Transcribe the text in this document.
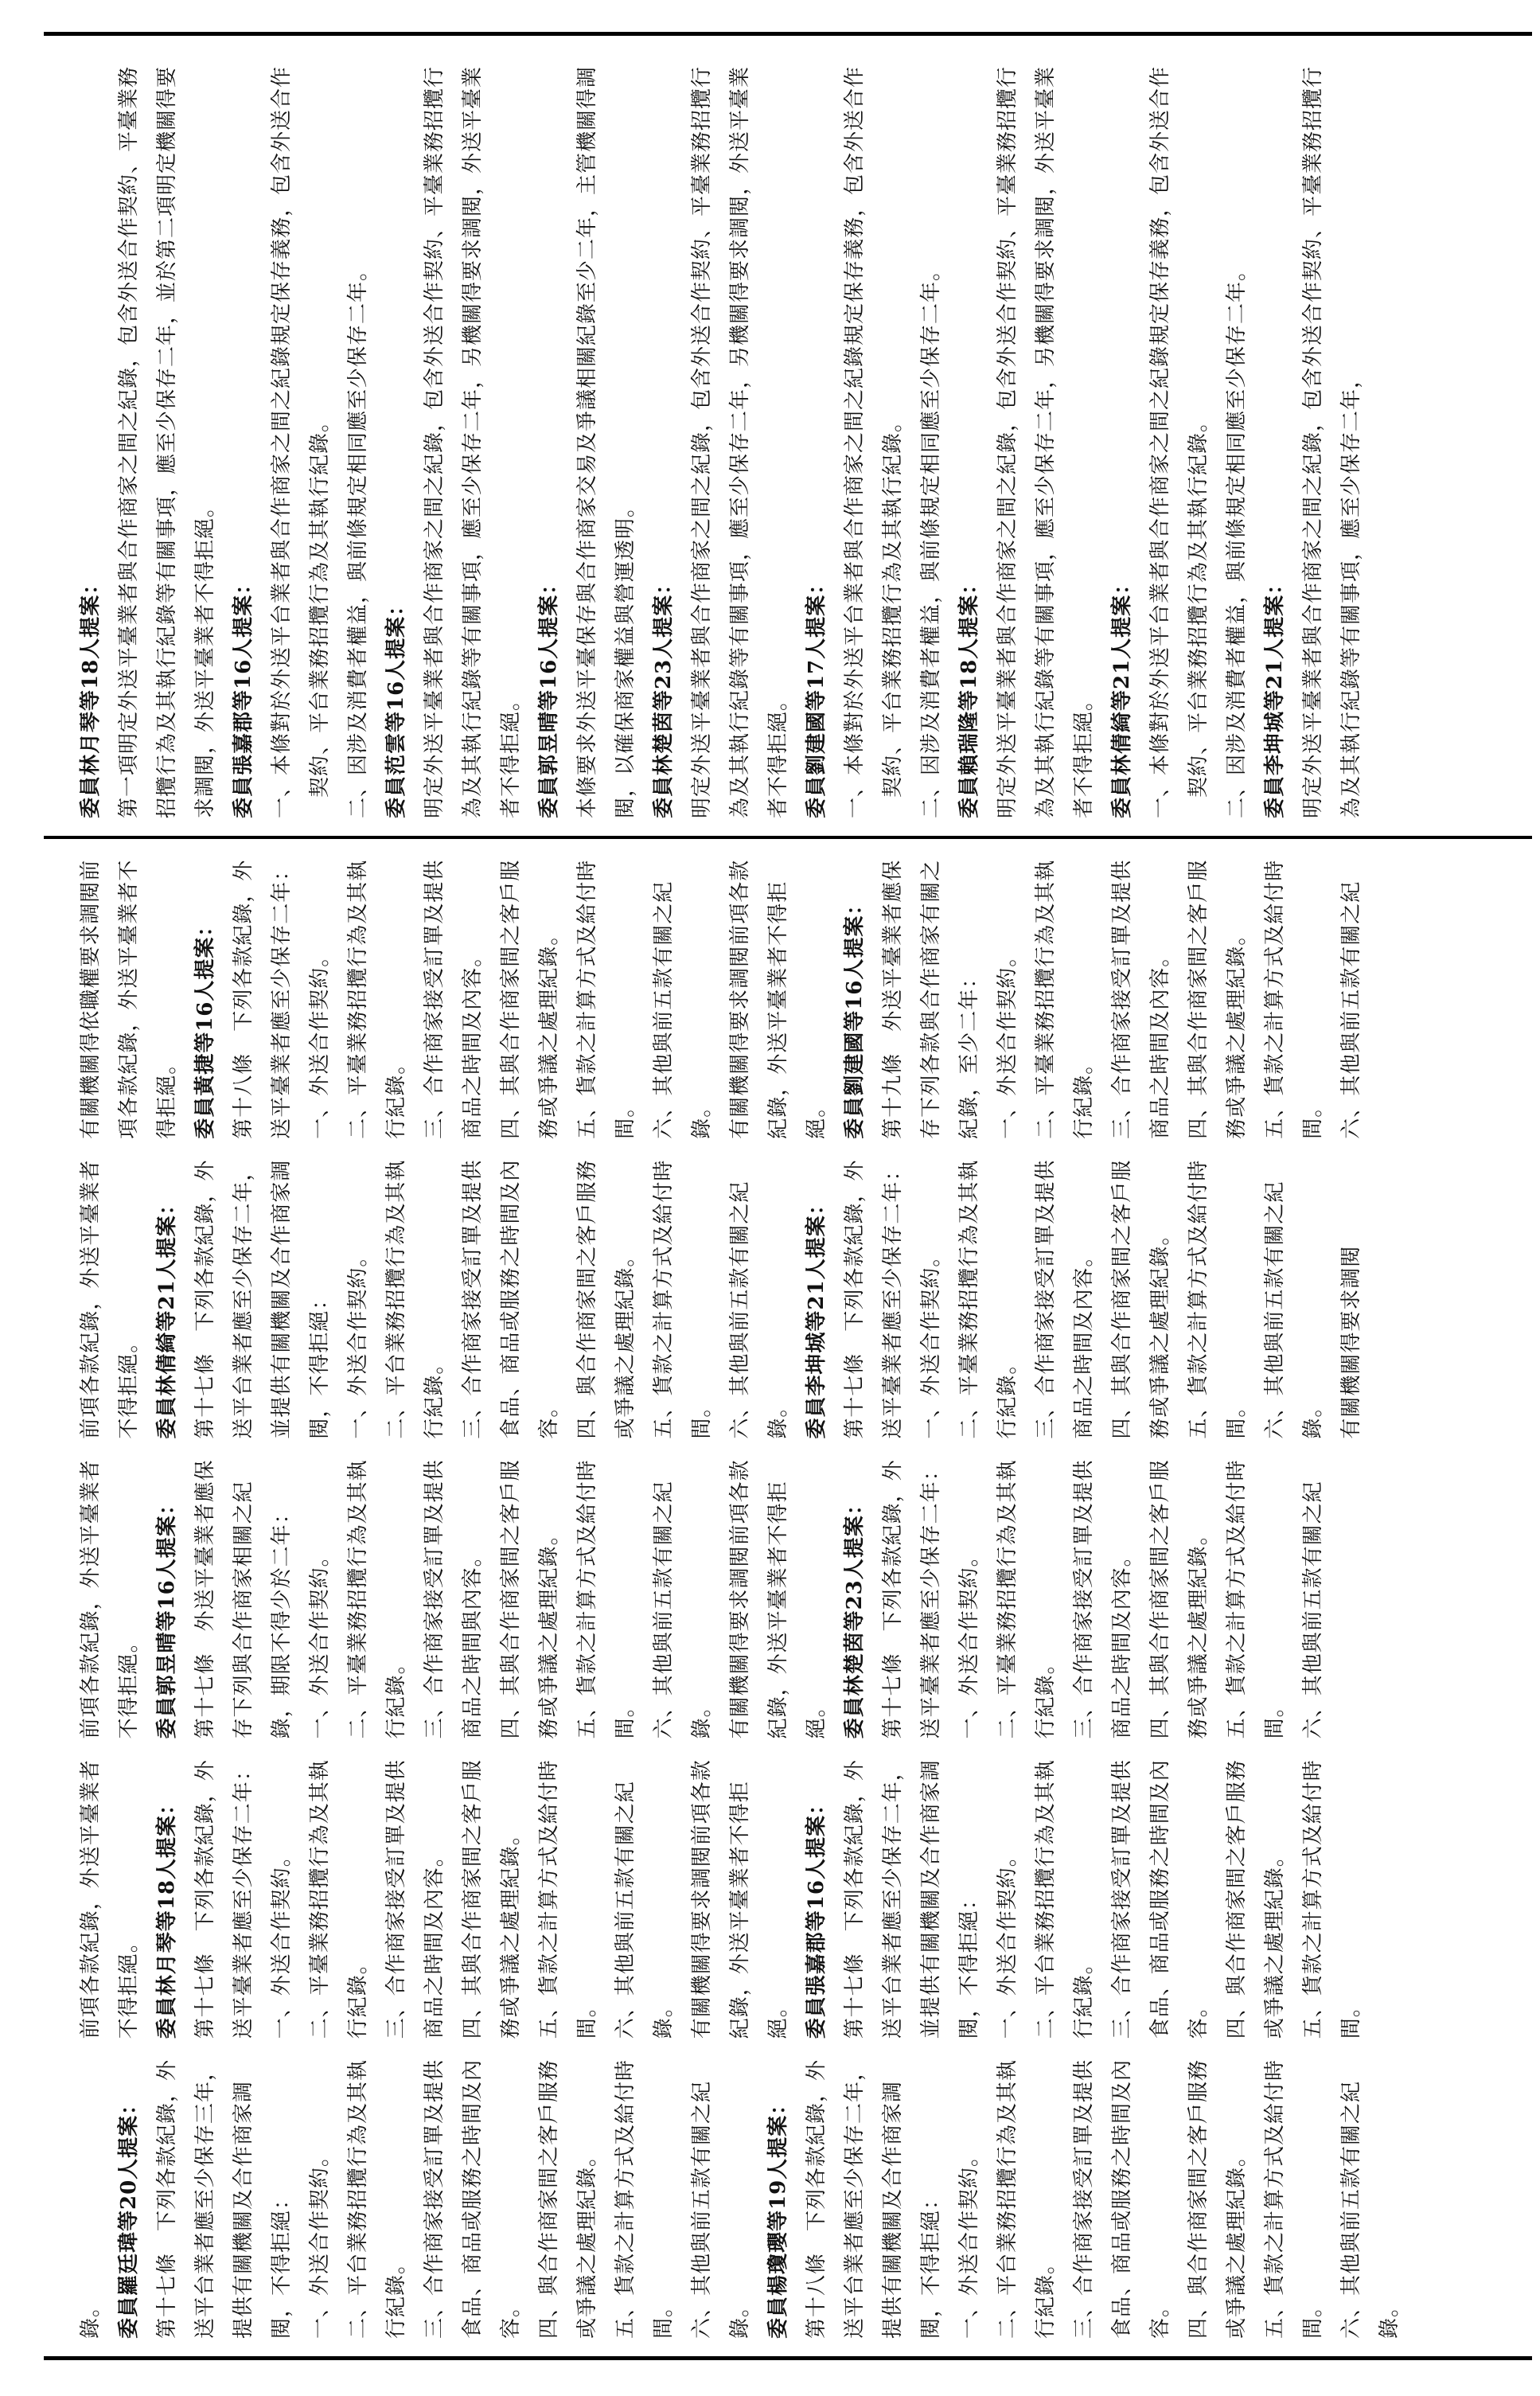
委員林月琴等18人提案： 第一項明定外送平臺業者與合作商家之間之紀錄，包含外送合作契約、平臺業務招攬行為及其執行紀錄等有關事項，應至少保存二年，並於第二項明定機關得要求調閱，外送平臺業者不得拒絕。 委員張嘉郡等16人提案： 一、本條對於外送平台業者與合作商家之間之紀錄規定保存義務，包含外送合作契約、平台業務招攬行為及其執行紀錄。 二、因涉及消費者權益，與前條規定相同應至少保存二年。 委員范雲等16人提案： 明定外送平臺業者與合作商家之間之紀錄，包含外送合作契約、平臺業務招攬行為及其執行紀錄等有關事項，應至少保存二年，另機關得要求調閱，外送平臺業者不得拒絕。 委員郭昱晴等16人提案： 本條要求外送平臺保存與合作商家交易及爭議相關紀錄至少二年，主管機關得調閱，以確保商家權益與營運透明。 委員林楚茵等23人提案： 明定外送平臺業者與合作商家之間之紀錄，包含外送合作契約、平臺業務招攬行為及其執行紀錄等有關事項，應至少保存二年，另機關得要求調閱，外送平臺業者不得拒絕。 委員劉建國等17人提案： 一、本條對於外送平台業者與合作商家之間之紀錄規定保存義務，包含外送合作契約、平台業務招攬行為及其執行紀錄。 二、因涉及消費者權益，與前條規定相同應至少保存二年。 委員賴瑞隆等18人提案： 明定外送平臺業者與合作商家之間之紀錄，包含外送合作契約、平臺業務招攬行為及其執行紀錄等有關事項，應至少保存二年，另機關得要求調閱，外送平臺業者不得拒絕。 委員林倩綺等21人提案： 一、本條對於外送平台業者與合作商家之間之紀錄規定保存義務，包含外送合作契約、平台業務招攬行為及其執行紀錄。 二、因涉及消費者權益，與前條規定相同應至少保存二年。 委員李坤城等21人提案： 明定外送平臺業者與合作商家之間之紀錄，包含外送合作契約、平臺業務招攬行為及其執行紀錄等有關事項，應至少保存二年，

錄。 委員羅廷瑋等20人提案： 第十七條　下列各款紀錄，外送平台業者應至少保存三年，提供有關機關及合作商家調閱，不得拒絕： 一、外送合作契約。 二、平台業務招攬行為及其執行紀錄。 三、合作商家接受訂單及提供食品、商品或服務之時間及內容。 四、與合作商家間之客戶服務或爭議之處理紀錄。 五、貨款之計算方式及給付時間。 六、其他與前五款有關之紀錄。 委員楊瓊瓔等19人提案： 第十八條　下列各款紀錄，外送平台業者應至少保存二年，提供有關機關及合作商家調閱，不得拒絕： 一、外送合作契約。 二、平台業務招攬行為及其執行紀錄。 三、合作商家接受訂單及提供食品、商品或服務之時間及內容。 四、與合作商家間之客戶服務或爭議之處理紀錄。 五、貨款之計算方式及給付時間。 六、其他與前五款有關之紀錄。

前項各款紀錄，外送平臺業者不得拒絕。 委員林月琴等18人提案： 第十七條　下列各款紀錄，外送平臺業者應至少保存二年： 一、外送合作契約。 二、平臺業務招攬行為及其執行紀錄。 三、合作商家接受訂單及提供商品之時間及內容。 四、其與合作商家間之客戶服務或爭議之處理紀錄。 五、貨款之計算方式及給付時間。 六、其他與前五款有關之紀錄。 有關機關得要求調閱前項各款紀錄，外送平臺業者不得拒絕。 委員張嘉郡等16人提案： 第十七條　下列各款紀錄，外送平台業者應至少保存二年，並提供有關機關及合作商家調閱，不得拒絕： 一、外送合作契約。 二、平台業務招攬行為及其執行紀錄。 三、合作商家接受訂單及提供食品、商品或服務之時間及內容。 四、與合作商家間之客戶服務或爭議之處理紀錄。 五、貨款之計算方式及給付時間。

前項各款紀錄，外送平臺業者不得拒絕。 委員郭昱晴等16人提案： 第十七條　外送平臺業者應保存下列與合作商家相關之紀錄，期限不得少於二年： 一、外送合作契約。 二、平臺業務招攬行為及其執行紀錄。 三、合作商家接受訂單及提供商品之時間與內容。 四、其與合作商家間之客戶服務或爭議之處理紀錄。 五、貨款之計算方式及給付時間。 六、其他與前五款有關之紀錄。 有關機關得要求調閱前項各款紀錄，外送平臺業者不得拒絕。 委員林楚茵等23人提案： 第十七條　下列各款紀錄，外送平臺業者應至少保存二年： 一、外送合作契約。 二、平臺業務招攬行為及其執行紀錄。 三、合作商家接受訂單及提供商品之時間及內容。 四、其與合作商家間之客戶服務或爭議之處理紀錄。 五、貨款之計算方式及給付時間。 六、其他與前五款有關之紀

前項各款紀錄，外送平臺業者不得拒絕。 委員林倩綺等21人提案： 第十七條　下列各款紀錄，外送平台業者應至少保存二年，並提供有關機關及合作商家調閱，不得拒絕： 一、外送合作契約。 二、平台業務招攬行為及其執行紀錄。 三、合作商家接受訂單及提供食品、商品或服務之時間及內容。 四、與合作商家間之客戶服務或爭議之處理紀錄。 五、貨款之計算方式及給付時間。 六、其他與前五款有關之紀錄。 委員李坤城等21人提案： 第十七條　下列各款紀錄，外送平臺業者應至少保存二年： 一、外送合作契約。 二、平臺業務招攬行為及其執行紀錄。 三、合作商家接受訂單及提供商品之時間及內容。 四、其與合作商家間之客戶服務或爭議之處理紀錄。 五、貨款之計算方式及給付時間。 六、其他與前五款有關之紀錄。 有關機關得要求調閱

有關機關得依職權要求調閱前項各款紀錄，外送平臺業者不得拒絕。 委員黃捷等16人提案： 第十八條　下列各款紀錄，外送平臺業者應至少保存二年： 一、外送合作契約。 二、平臺業務招攬行為及其執行紀錄。 三、合作商家接受訂單及提供商品之時間及內容。 四、其與合作商家間之客戶服務或爭議之處理紀錄。 五、貨款之計算方式及給付時間。 六、其他與前五款有關之紀錄。 有關機關得要求調閱前項各款紀錄，外送平臺業者不得拒絕。 委員劉建國等16人提案： 第十九條　外送平臺業者應保存下列各款與合作商家有關之紀錄，至少二年： 一、外送合作契約。 二、平臺業務招攬行為及其執行紀錄。 三、合作商家接受訂單及提供商品之時間及內容。 四、其與合作商家間之客戶服務或爭議之處理紀錄。 五、貨款之計算方式及給付時間。 六、其他與前五款有關之紀
